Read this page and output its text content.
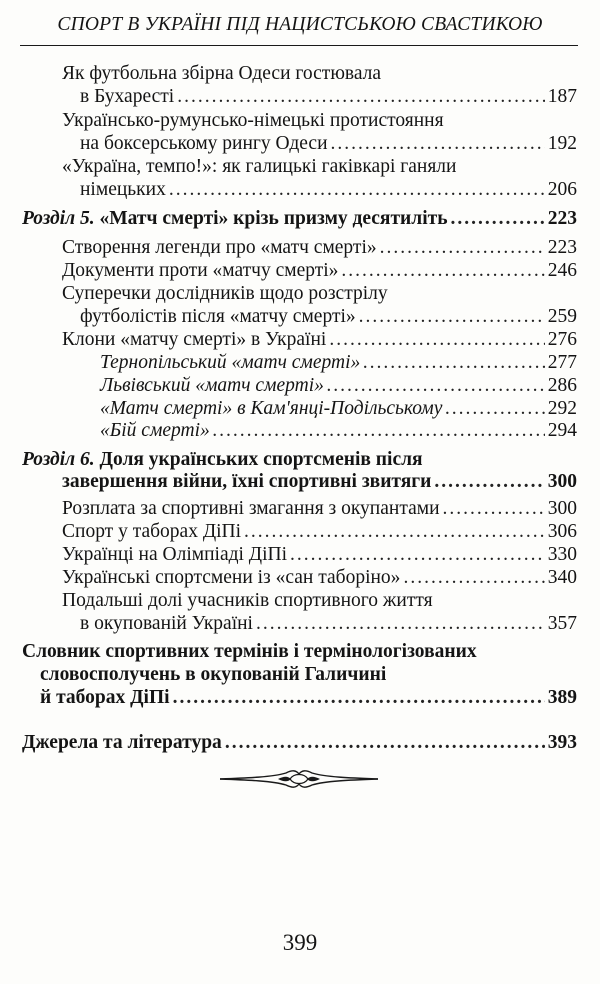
СПОРТ В УКРАЇНІ ПІД НАЦИСТСЬКОЮ СВАСТИКОЮ
Як футбольна збірна Одеси гостювала
в Бухаресті .....	187
Українсько-румунсько-німецькі протистояння
на боксерському рингу Одеси .....	192
«Україна, темпо!»: як галицькі гаківкарі ганяли
німецьких .....	206
Розділ 5. «Матч смерті» крізь призму десятиліть .....	223
Створення легенди про «матч смерті» .....	223
Документи проти «матчу смерті» .....	246
Суперечки дослідників щодо розстрілу
футболістів після «матчу смерті» .....	259
Клони «матчу смерті» в Україні .....	276
Тернопільський «матч смерті» .....	277
Львівський «матч смерті» .....	286
«Матч смерті» в Кам'янці-Подільському .....	292
«Бій смерті» .....	294
Розділ 6. Доля українських спортсменів після
завершення війни, їхні спортивні звитяги .....	300
Розплата за спортивні змагання з окупантами .....	300
Спорт у таборах ДіПі .....	306
Українці на Олімпіаді ДіПі .....	330
Українські спортсмени із «сан таборіно» .....	340
Подальші долі учасників спортивного життя
в окупованій Україні .....	357
Словник спортивних термінів і термінологізованих
словосполучень в окупованій Галичині
й таборах ДіПі .....	389
Джерела та література .....	393
399
